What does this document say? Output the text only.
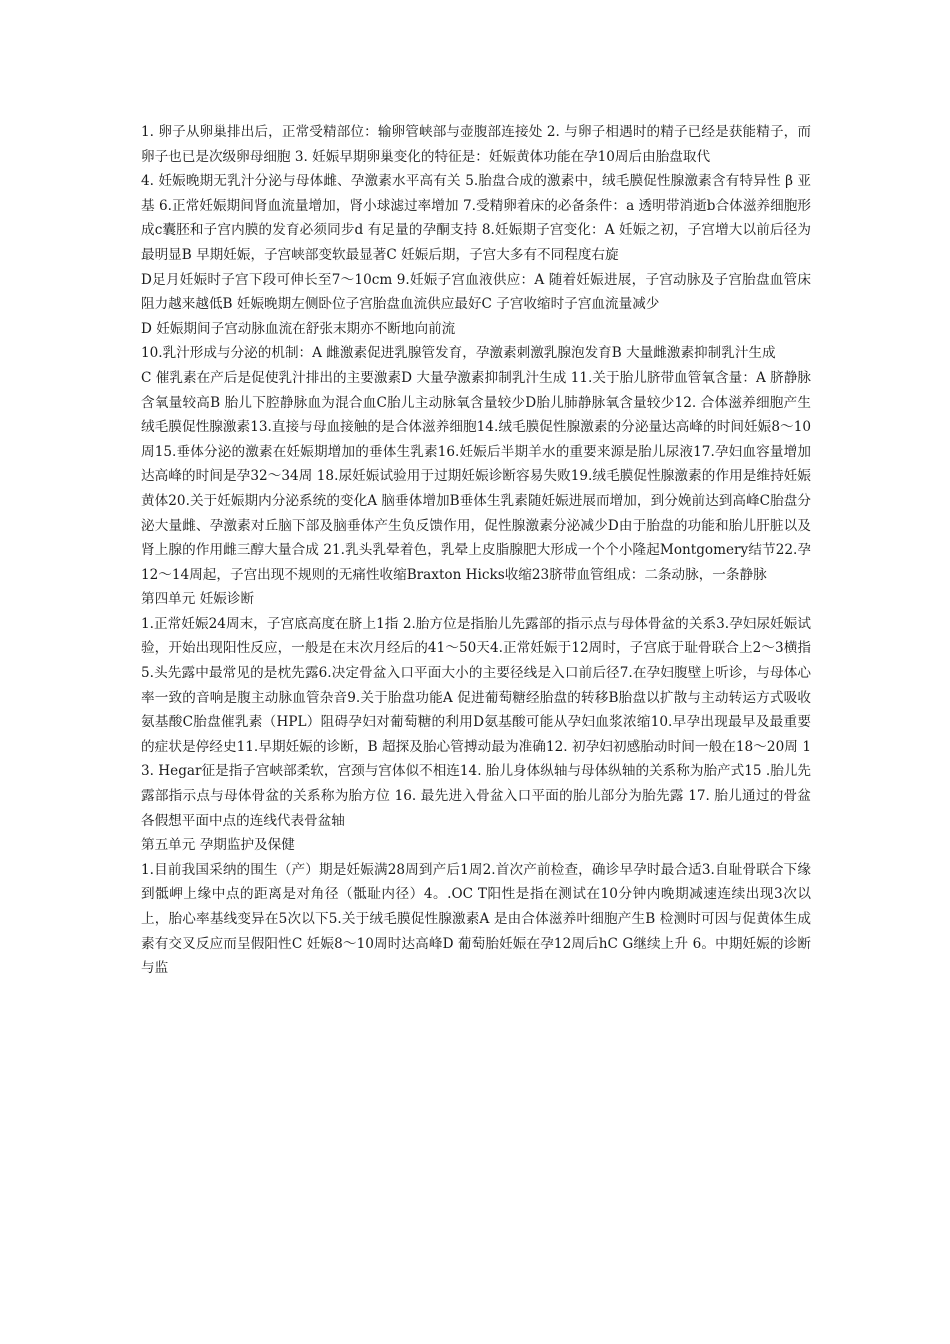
1. 卵子从卵巢排出后，正常受精部位：输卵管峡部与壶腹部连接处 2. 与卵子相遇时的精子已经是获能精子，而卵子也已是次级卵母细胞 3. 妊娠早期卵巢变化的特征是：妊娠黄体功能在孕10周后由胎盘取代

4. 妊娠晚期无乳汁分泌与母体雌、孕激素水平高有关 5.胎盘合成的激素中，绒毛膜促性腺激素含有特异性 β 亚基 6.正常妊娠期间肾血流量增加，肾小球滤过率增加 7.受精卵着床的必备条件：a 透明带消逝b合体滋养细胞形成c囊胚和子宫内膜的发育必须同步d 有足量的孕酮支持 8.妊娠期子宫变化：A 妊娠之初，子宫增大以前后径为最明显B 早期妊娠，子宫峡部变软最显著C 妊娠后期，子宫大多有不同程度右旋

D足月妊娠时子宫下段可伸长至7～10cm 9.妊娠子宫血液供应：A 随着妊娠进展，子宫动脉及子宫胎盘血管床阻力越来越低B 妊娠晚期左侧卧位子宫胎盘血流供应最好C 子宫收缩时子宫血流量减少

D 妊娠期间子宫动脉血流在舒张末期亦不断地向前流

10.乳汁形成与分泌的机制：A 雌激素促进乳腺管发育，孕激素刺激乳腺泡发育B 大量雌激素抑制乳汁生成

C 催乳素在产后是促使乳汁排出的主要激素D 大量孕激素抑制乳汁生成 11.关于胎儿脐带血管氧含量：A 脐静脉含氧量较高B 胎儿下腔静脉血为混合血C胎儿主动脉氧含量较少D胎儿肺静脉氧含量较少12. 合体滋养细胞产生绒毛膜促性腺激素13.直接与母血接触的是合体滋养细胞14.绒毛膜促性腺激素的分泌量达高峰的时间妊娠8～10周15.垂体分泌的激素在妊娠期增加的垂体生乳素16.妊娠后半期羊水的重要来源是胎儿尿液17.孕妇血容量增加达高峰的时间是孕32～34周 18.尿妊娠试验用于过期妊娠诊断容易失败19.绒毛膜促性腺激素的作用是维持妊娠黄体20.关于妊娠期内分泌系统的变化A 脑垂体增加B垂体生乳素随妊娠进展而增加，到分娩前达到高峰C胎盘分泌大量雌、孕激素对丘脑下部及脑垂体产生负反馈作用，促性腺激素分泌减少D由于胎盘的功能和胎儿肝脏以及肾上腺的作用雌三醇大量合成 21.乳头乳晕着色，乳晕上皮脂腺肥大形成一个个小隆起Montgomery结节22.孕12～14周起，子宫出现不规则的无痛性收缩Braxton Hicks收缩23脐带血管组成：二条动脉，一条静脉

第四单元 妊娠诊断

1.正常妊娠24周末，子宫底高度在脐上1指 2.胎方位是指胎儿先露部的指示点与母体骨盆的关系3.孕妇尿妊娠试验，开始出现阳性反应，一般是在末次月经后的41～50天4.正常妊娠于12周时，子宫底于耻骨联合上2～3横指5.头先露中最常见的是枕先露6.决定骨盆入口平面大小的主要径线是入口前后径7.在孕妇腹壁上听诊，与母体心率一致的音响是腹主动脉血管杂音9.关于胎盘功能A 促进葡萄糖经胎盘的转移B胎盘以扩散与主动转运方式吸收氨基酸C胎盘催乳素（HPL）阻碍孕妇对葡萄糖的利用D氨基酸可能从孕妇血浆浓缩10.早孕出现最早及最重要的症状是停经史11.早期妊娠的诊断，B 超探及胎心管搏动最为准确12. 初孕妇初感胎动时间一般在18～20周 13. Hegar征是指子宫峡部柔软，宫颈与宫体似不相连14. 胎儿身体纵轴与母体纵轴的关系称为胎产式15 .胎儿先露部指示点与母体骨盆的关系称为胎方位 16. 最先进入骨盆入口平面的胎儿部分为胎先露 17. 胎儿通过的骨盆各假想平面中点的连线代表骨盆轴

第五单元 孕期监护及保健

1.目前我国采纳的围生（产）期是妊娠满28周到产后1周2.首次产前检查，确诊早孕时最合适3.自耻骨联合下缘到骶岬上缘中点的距离是对角径（骶耻内径）4。.OC T阳性是指在测试在10分钟内晚期减速连续出现3次以上，胎心率基线变异在5次以下5.关于绒毛膜促性腺激素A 是由合体滋养叶细胞产生B 检测时可因与促黄体生成素有交叉反应而呈假阳性C 妊娠8～10周时达高峰D 葡萄胎妊娠在孕12周后hC G继续上升 6。中期妊娠的诊断与监
